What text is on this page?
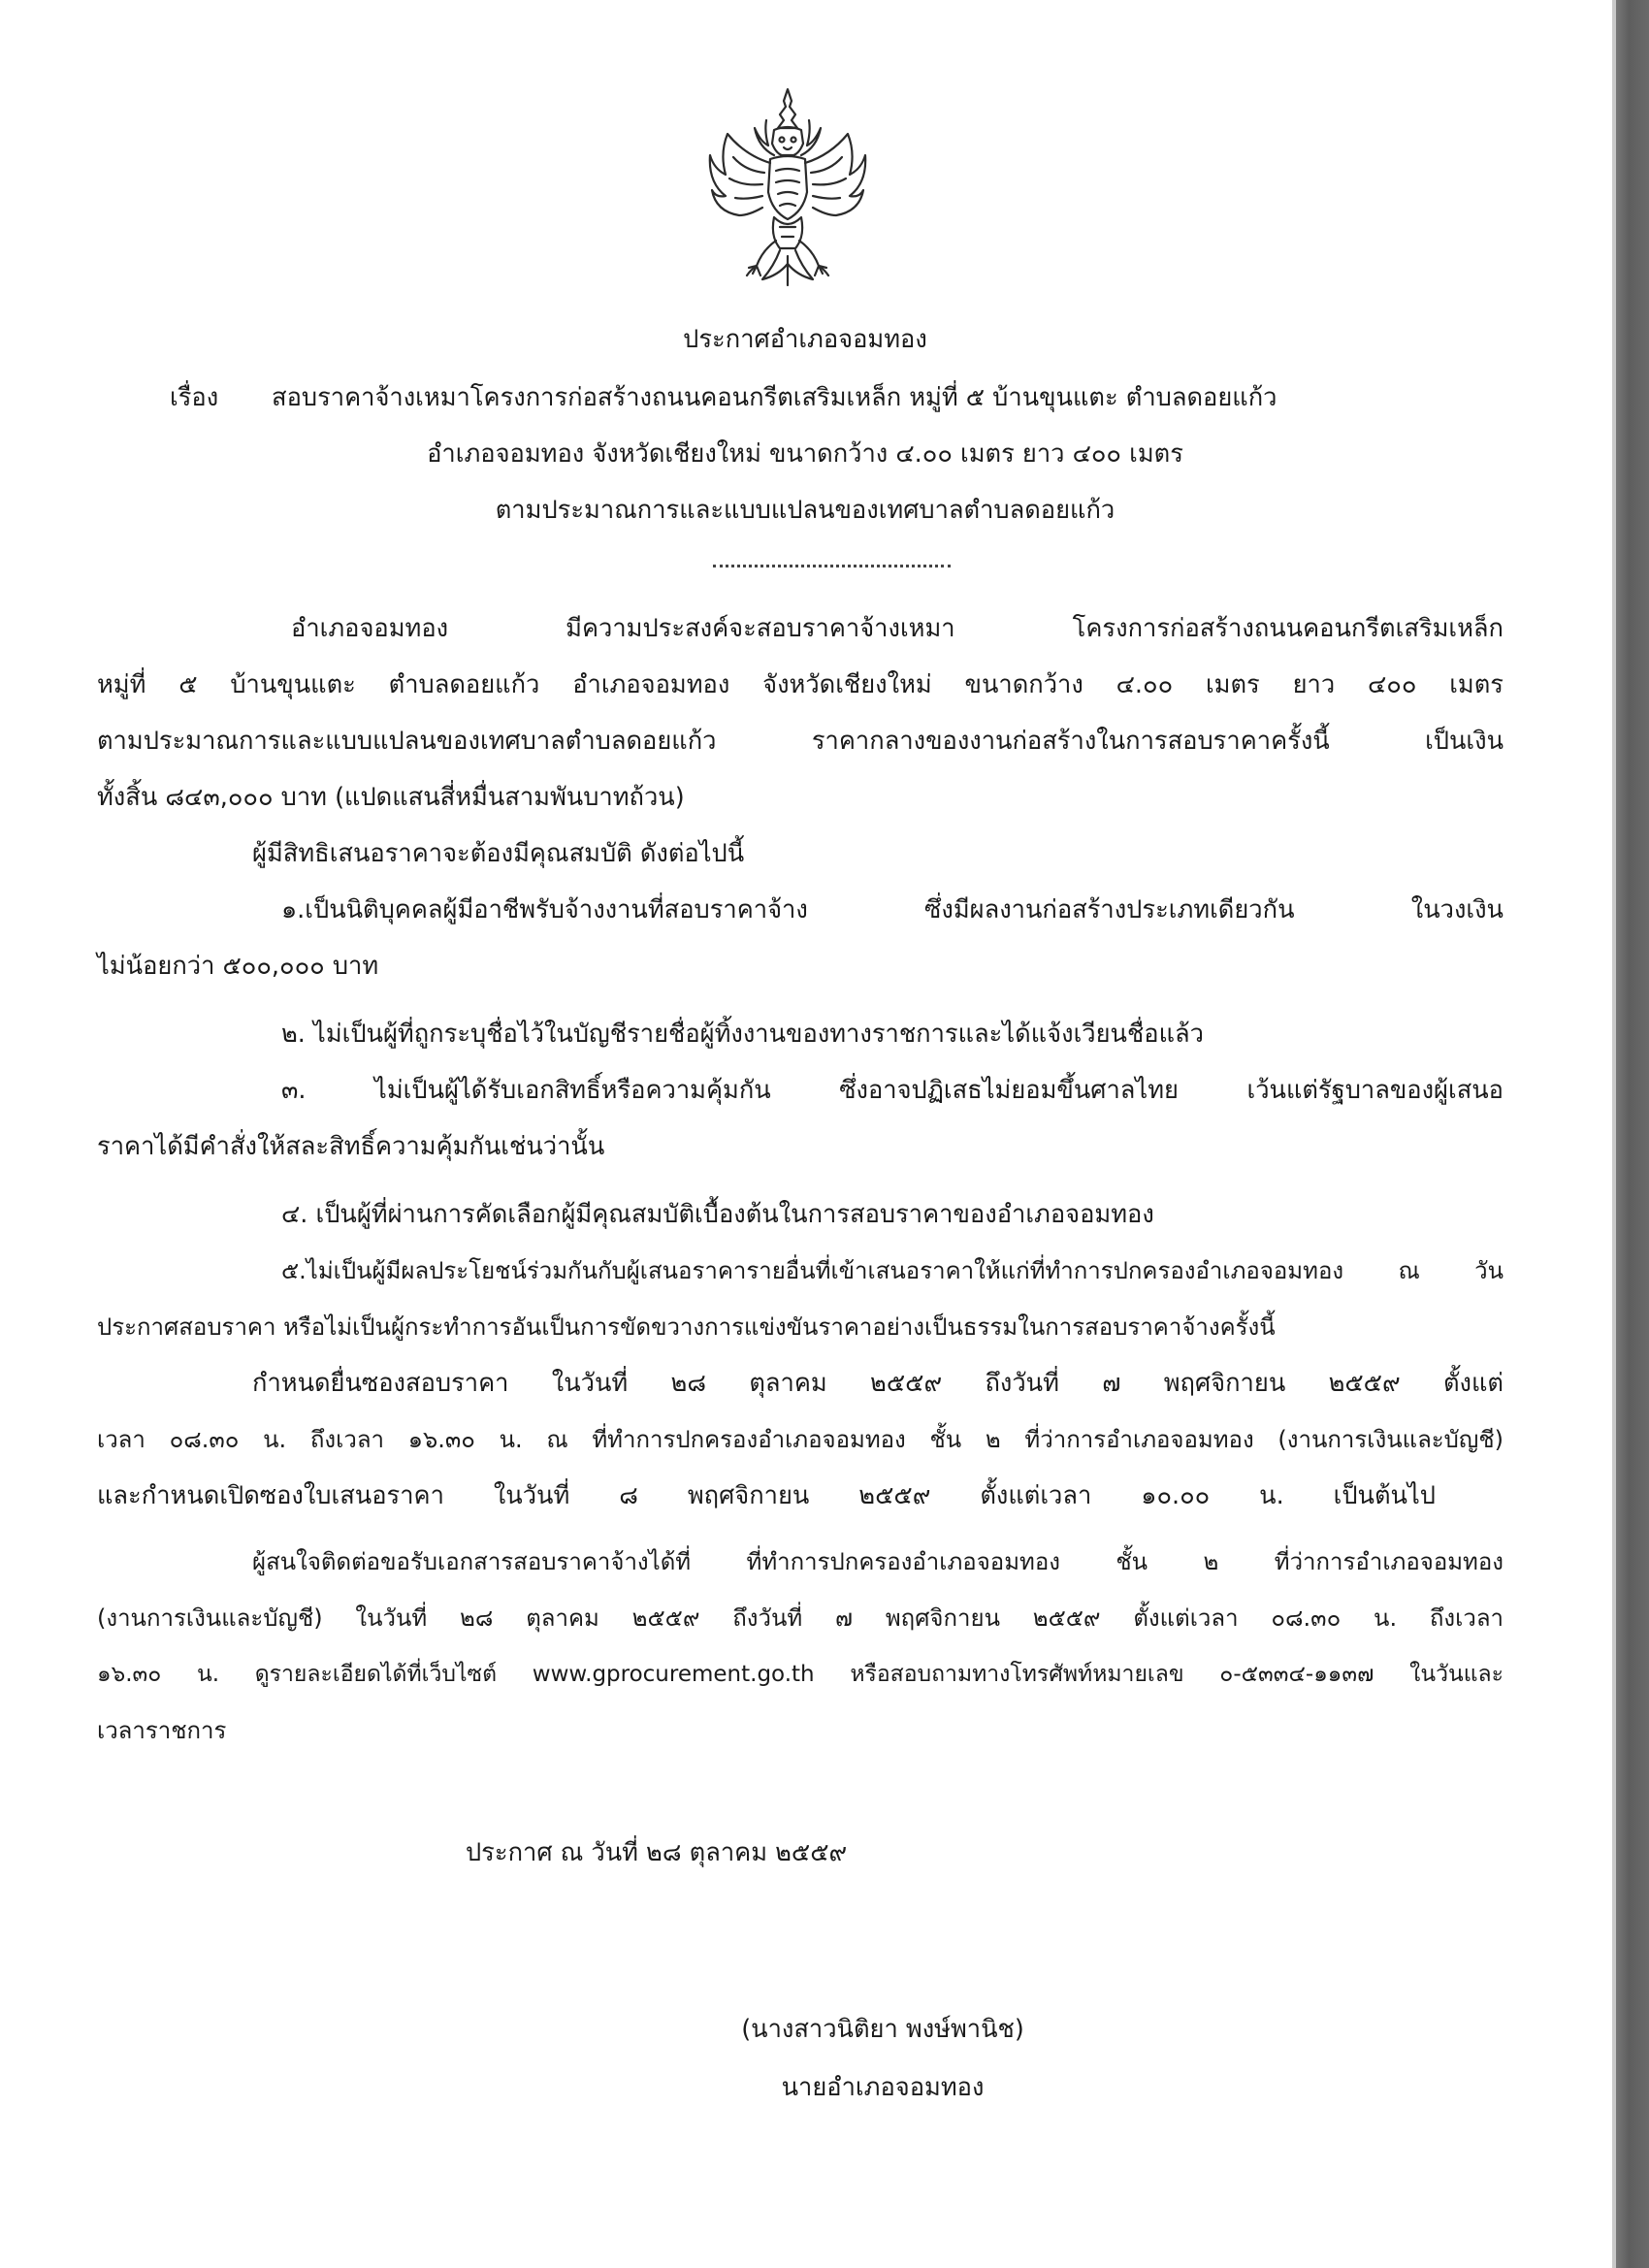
ประกาศอำเภอจอมทอง
เรื่อง สอบราคาจ้างเหมาโครงการก่อสร้างถนนคอนกรีตเสริมเหล็ก หมู่ที่ ๕ บ้านขุนแตะ ตำบลดอยแก้ว
อำเภอจอมทอง จังหวัดเชียงใหม่ ขนาดกว้าง ๔.๐๐ เมตร ยาว ๔๐๐ เมตร
ตามประมาณการและแบบแปลนของเทศบาลตำบลดอยแก้ว
อำเภอจอมทอง มีความประสงค์จะสอบราคาจ้างเหมา โครงการก่อสร้างถนนคอนกรีตเสริมเหล็ก
หมู่ที่ ๕ บ้านขุนแตะ ตำบลดอยแก้ว อำเภอจอมทอง จังหวัดเชียงใหม่ ขนาดกว้าง ๔.๐๐ เมตร ยาว ๔๐๐ เมตร
ตามประมาณการและแบบแปลนของเทศบาลตำบลดอยแก้ว ราคากลางของงานก่อสร้างในการสอบราคาครั้งนี้ เป็นเงิน
ทั้งสิ้น ๘๔๓,๐๐๐ บาท (แปดแสนสี่หมื่นสามพันบาทถ้วน)
ผู้มีสิทธิเสนอราคาจะต้องมีคุณสมบัติ ดังต่อไปนี้
๑.เป็นนิติบุคคลผู้มีอาชีพรับจ้างงานที่สอบราคาจ้าง ซึ่งมีผลงานก่อสร้างประเภทเดียวกัน ในวงเงิน
ไม่น้อยกว่า ๕๐๐,๐๐๐ บาท
๒. ไม่เป็นผู้ที่ถูกระบุชื่อไว้ในบัญชีรายชื่อผู้ทิ้งงานของทางราชการและได้แจ้งเวียนชื่อแล้ว
๓. ไม่เป็นผู้ได้รับเอกสิทธิ์หรือความคุ้มกัน ซึ่งอาจปฏิเสธไม่ยอมขึ้นศาลไทย เว้นแต่รัฐบาลของผู้เสนอ
ราคาได้มีคำสั่งให้สละสิทธิ์ความคุ้มกันเช่นว่านั้น
๔. เป็นผู้ที่ผ่านการคัดเลือกผู้มีคุณสมบัติเบื้องต้นในการสอบราคาของอำเภอจอมทอง
๕.ไม่เป็นผู้มีผลประโยชน์ร่วมกันกับผู้เสนอราคารายอื่นที่เข้าเสนอราคาให้แก่ที่ทำการปกครองอำเภอจอมทอง ณ วัน
ประกาศสอบราคา หรือไม่เป็นผู้กระทำการอันเป็นการขัดขวางการแข่งขันราคาอย่างเป็นธรรมในการสอบราคาจ้างครั้งนี้
กำหนดยื่นซองสอบราคา ในวันที่ ๒๘ ตุลาคม ๒๕๕๙ ถึงวันที่ ๗ พฤศจิกายน ๒๕๕๙ ตั้งแต่
เวลา ๐๘.๓๐ น. ถึงเวลา ๑๖.๓๐ น. ณ ที่ทำการปกครองอำเภอจอมทอง ชั้น ๒ ที่ว่าการอำเภอจอมทอง (งานการเงินและบัญชี)
และกำหนดเปิดซองใบเสนอราคา ในวันที่ ๘ พฤศจิกายน ๒๕๕๙ ตั้งแต่เวลา ๑๐.๐๐ น. เป็นต้นไป
ผู้สนใจติดต่อขอรับเอกสารสอบราคาจ้างได้ที่ ที่ทำการปกครองอำเภอจอมทอง ชั้น ๒ ที่ว่าการอำเภอจอมทอง
(งานการเงินและบัญชี) ในวันที่ ๒๘ ตุลาคม ๒๕๕๙ ถึงวันที่ ๗ พฤศจิกายน ๒๕๕๙ ตั้งแต่เวลา ๐๘.๓๐ น. ถึงเวลา
๑๖.๓๐ น. ดูรายละเอียดได้ที่เว็บไซต์ www.gprocurement.go.th หรือสอบถามทางโทรศัพท์หมายเลข ๐-๕๓๓๔-๑๑๓๗ ในวันและ
เวลาราชการ
ประกาศ ณ วันที่ ๒๘ ตุลาคม ๒๕๕๙
(นางสาวนิติยา พงษ์พานิช)
นายอำเภอจอมทอง
